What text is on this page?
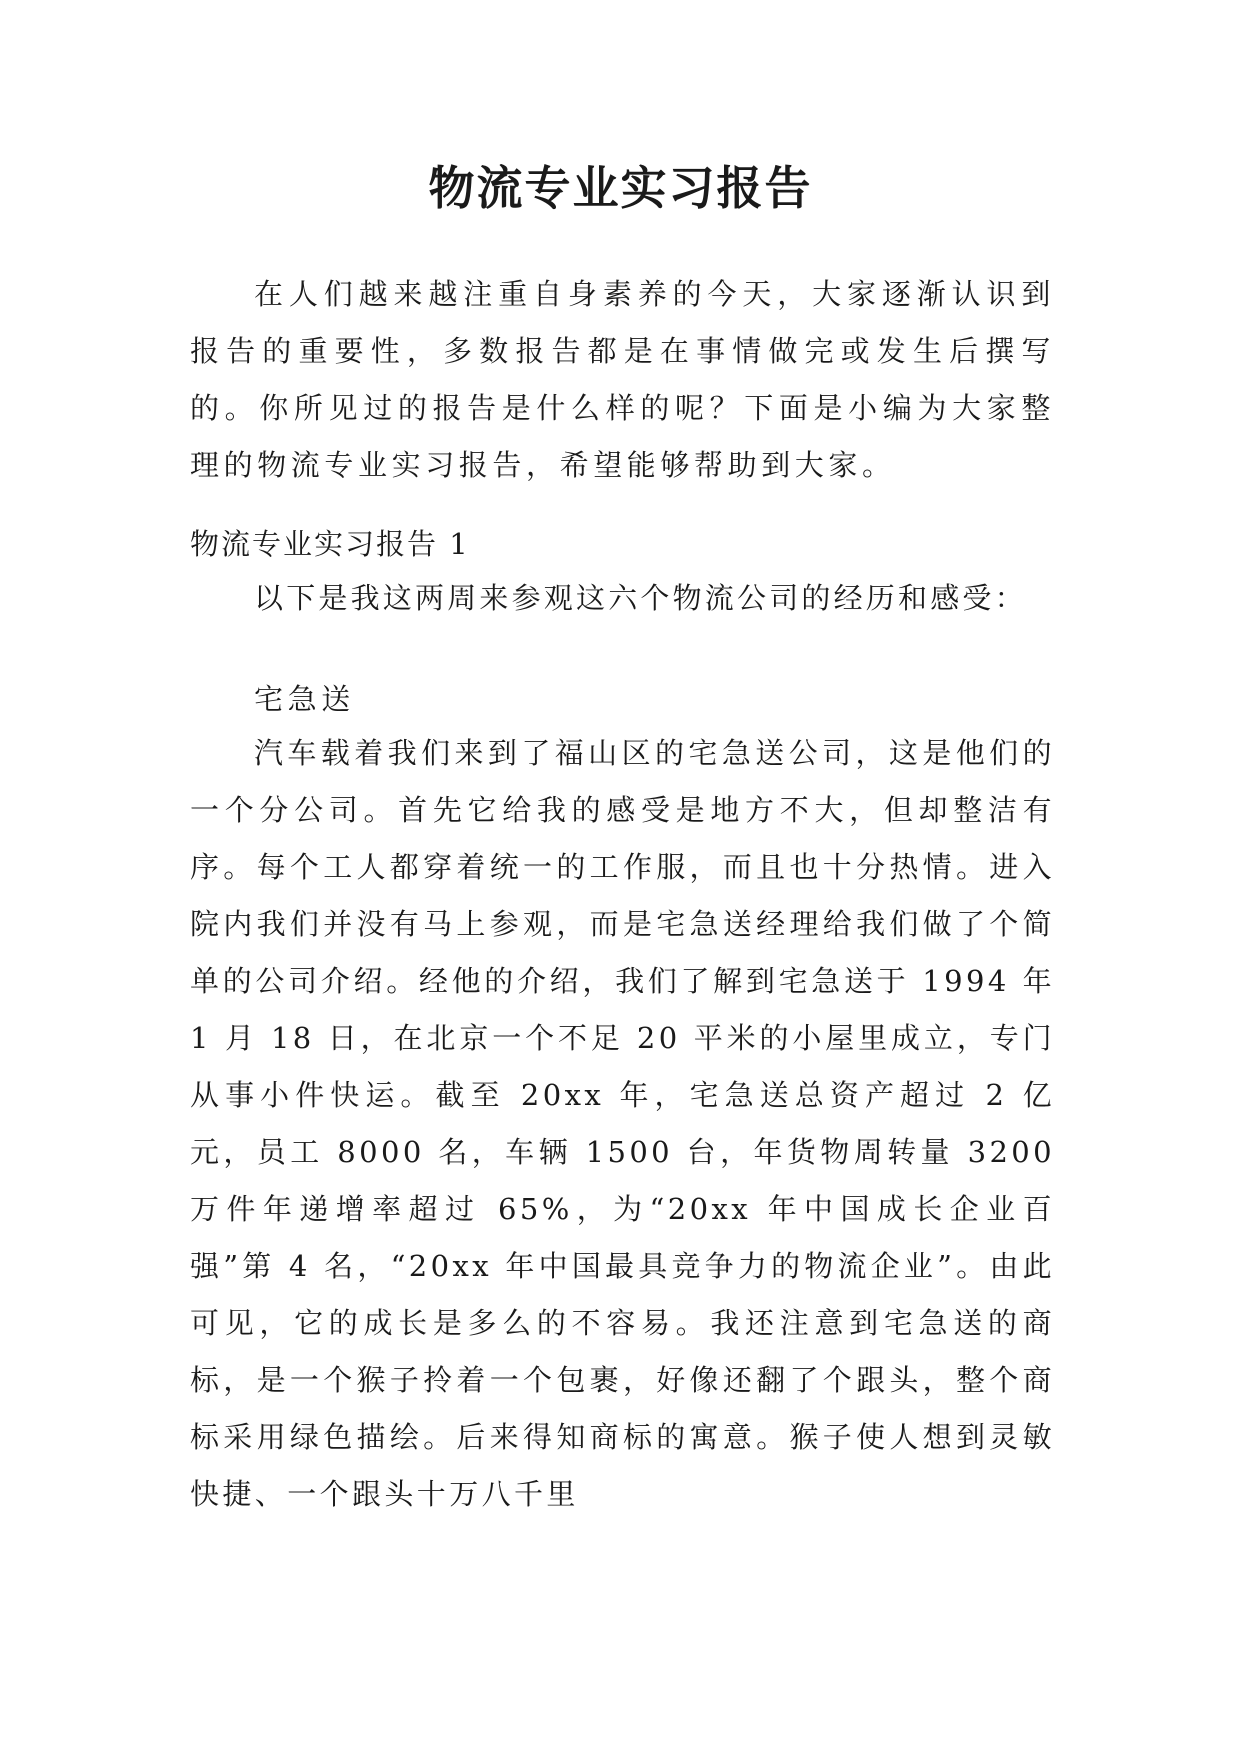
物流专业实习报告

在人们越来越注重自身素养的今天，大家逐渐认识到报告的重要性，多数报告都是在事情做完或发生后撰写的。你所见过的报告是什么样的呢？下面是小编为大家整理的物流专业实习报告，希望能够帮助到大家。

物流专业实习报告 1

以下是我这两周来参观这六个物流公司的经历和感受：

宅急送

汽车载着我们来到了福山区的宅急送公司，这是他们的一个分公司。首先它给我的感受是地方不大，但却整洁有序。每个工人都穿着统一的工作服，而且也十分热情。进入院内我们并没有马上参观，而是宅急送经理给我们做了个简单的公司介绍。经他的介绍，我们了解到宅急送于 1994 年 1 月 18 日，在北京一个不足 20 平米的小屋里成立，专门从事小件快运。截至 20xx 年，宅急送总资产超过 2 亿元，员工 8000 名，车辆 1500 台，年货物周转量 3200 万件年递增率超过 65%，为“20xx 年中国成长企业百强”第 4 名，“20xx 年中国最具竞争力的物流企业”。由此可见，它的成长是多么的不容易。我还注意到宅急送的商标，是一个猴子拎着一个包裹，好像还翻了个跟头，整个商标采用绿色描绘。后来得知商标的寓意。猴子使人想到灵敏快捷、一个跟头十万八千里
